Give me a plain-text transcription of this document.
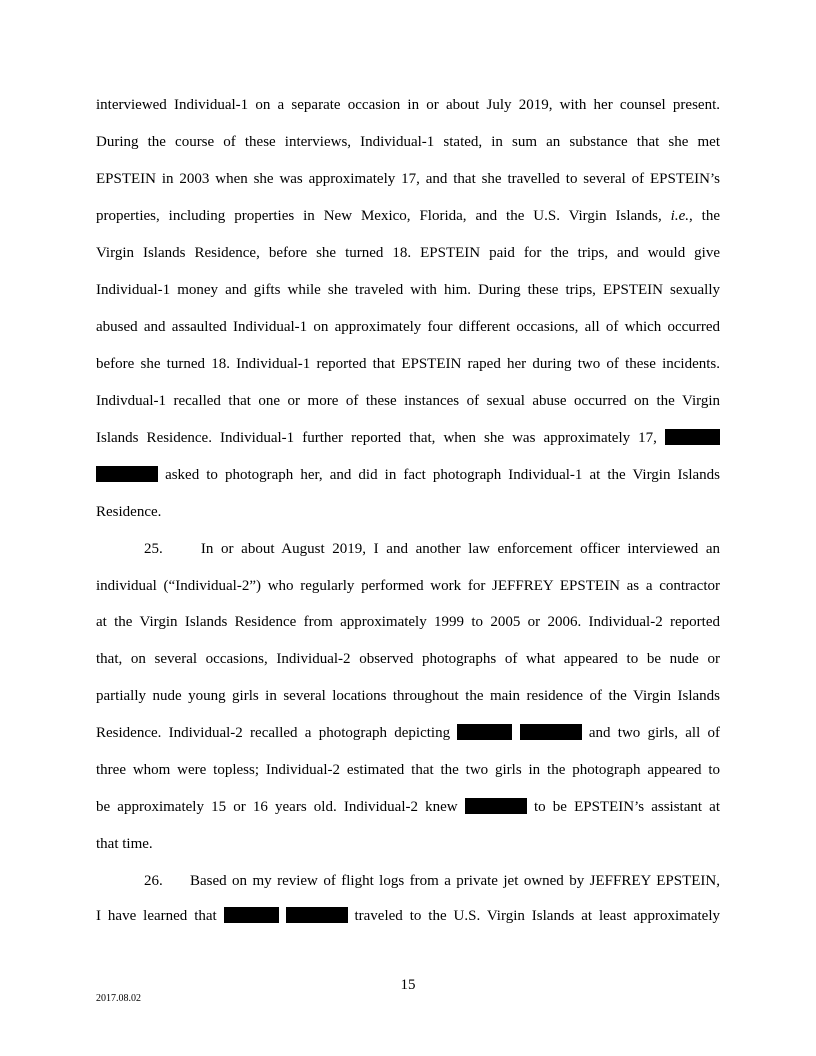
interviewed Individual-1 on a separate occasion in or about July 2019, with her counsel present.
During the course of these interviews, Individual-1 stated, in sum an substance that she met
EPSTEIN in 2003 when she was approximately 17, and that she travelled to several of EPSTEIN’s
properties, including properties in New Mexico, Florida, and the U.S. Virgin Islands, i.e., the
Virgin Islands Residence, before she turned 18. EPSTEIN paid for the trips, and would give
Individual-1 money and gifts while she traveled with him. During these trips, EPSTEIN sexually
abused and assaulted Individual-1 on approximately four different occasions, all of which occurred
before she turned 18. Individual-1 reported that EPSTEIN raped her during two of these incidents.
Indivdual-1 recalled that one or more of these instances of sexual abuse occurred on the Virgin
Islands Residence. Individual-1 further reported that, when she was approximately 17,
asked to photograph her, and did in fact photograph Individual-1 at the Virgin Islands
Residence.
25.	In or about August 2019, I and another law enforcement officer interviewed an
individual (“Individual-2”) who regularly performed work for JEFFREY EPSTEIN as a contractor
at the Virgin Islands Residence from approximately 1999 to 2005 or 2006. Individual-2 reported
that, on several occasions, Individual-2 observed photographs of what appeared to be nude or
partially nude young girls in several locations throughout the main residence of the Virgin Islands
Residence. Individual-2 recalled a photograph depicting	and two girls, all of
three whom were topless; Individual-2 estimated that the two girls in the photograph appeared to
be approximately 15 or 16 years old. Individual-2 knew	to be EPSTEIN’s assistant at
that time.
26. Based on my review of flight logs from a private jet owned by JEFFREY EPSTEIN,
I have learned that	traveled to the U.S. Virgin Islands at least approximately
15
2017.08.02
